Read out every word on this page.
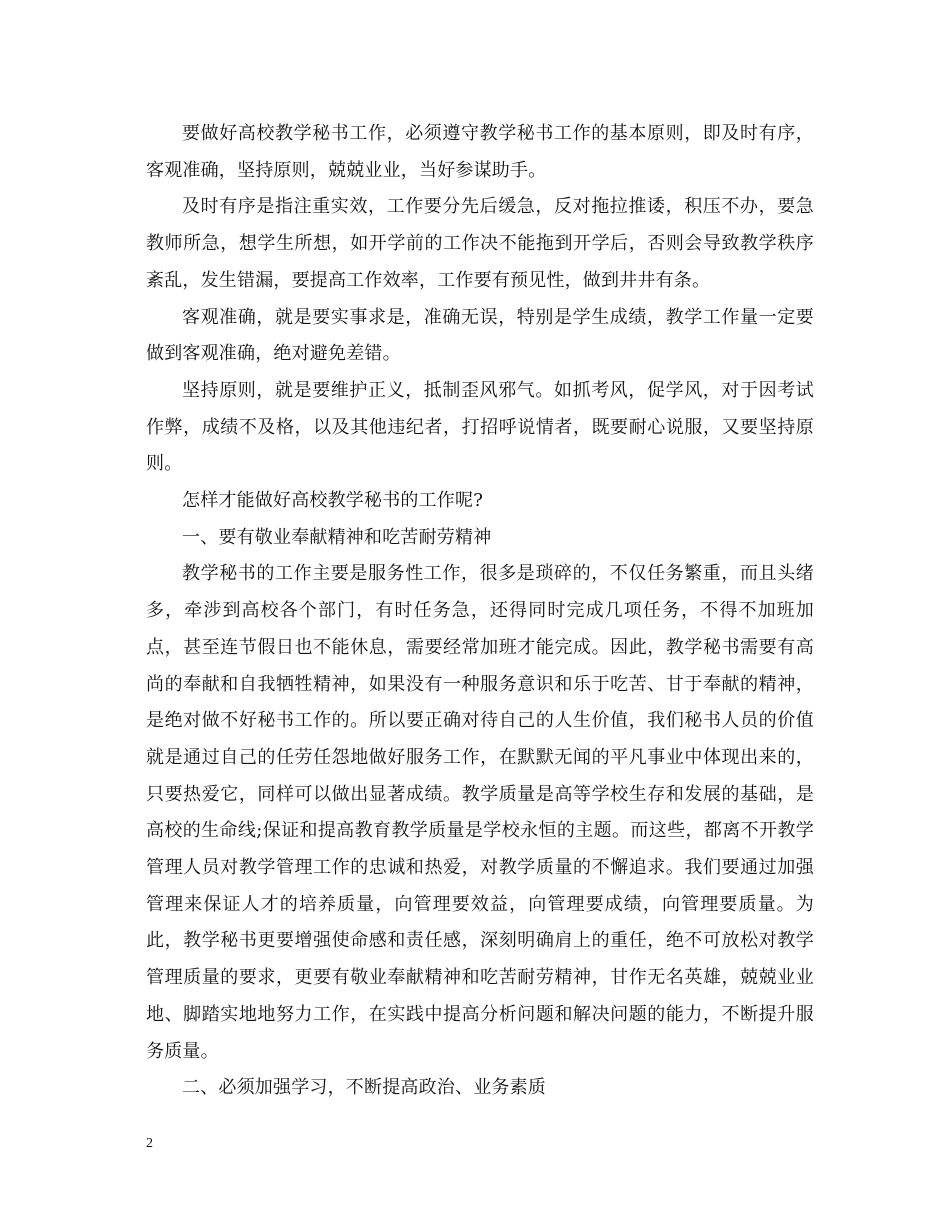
要做好高校教学秘书工作，必须遵守教学秘书工作的基本原则，即及时有序，客观准确，坚持原则，兢兢业业，当好参谋助手。

及时有序是指注重实效，工作要分先后缓急，反对拖拉推诿，积压不办，要急教师所急，想学生所想，如开学前的工作决不能拖到开学后，否则会导致教学秩序紊乱，发生错漏，要提高工作效率，工作要有预见性，做到井井有条。

客观准确，就是要实事求是，准确无误，特别是学生成绩，教学工作量一定要做到客观准确，绝对避免差错。

坚持原则，就是要维护正义，抵制歪风邪气。如抓考风，促学风，对于因考试作弊，成绩不及格，以及其他违纪者，打招呼说情者，既要耐心说服，又要坚持原则。

怎样才能做好高校教学秘书的工作呢?

一、要有敬业奉献精神和吃苦耐劳精神

教学秘书的工作主要是服务性工作，很多是琐碎的，不仅任务繁重，而且头绪多，牵涉到高校各个部门，有时任务急，还得同时完成几项任务，不得不加班加点，甚至连节假日也不能休息，需要经常加班才能完成。因此，教学秘书需要有高尚的奉献和自我牺牲精神，如果没有一种服务意识和乐于吃苦、甘于奉献的精神，是绝对做不好秘书工作的。所以要正确对待自己的人生价值，我们秘书人员的价值就是通过自己的任劳任怨地做好服务工作，在默默无闻的平凡事业中体现出来的，只要热爱它，同样可以做出显著成绩。教学质量是高等学校生存和发展的基础，是高校的生命线;保证和提高教育教学质量是学校永恒的主题。而这些，都离不开教学管理人员对教学管理工作的忠诚和热爱，对教学质量的不懈追求。我们要通过加强管理来保证人才的培养质量，向管理要效益，向管理要成绩，向管理要质量。为此，教学秘书更要增强使命感和责任感，深刻明确肩上的重任，绝不可放松对教学管理质量的要求，更要有敬业奉献精神和吃苦耐劳精神，甘作无名英雄，兢兢业业地、脚踏实地地努力工作，在实践中提高分析问题和解决问题的能力，不断提升服务质量。

二、必须加强学习，不断提高政治、业务素质

2
